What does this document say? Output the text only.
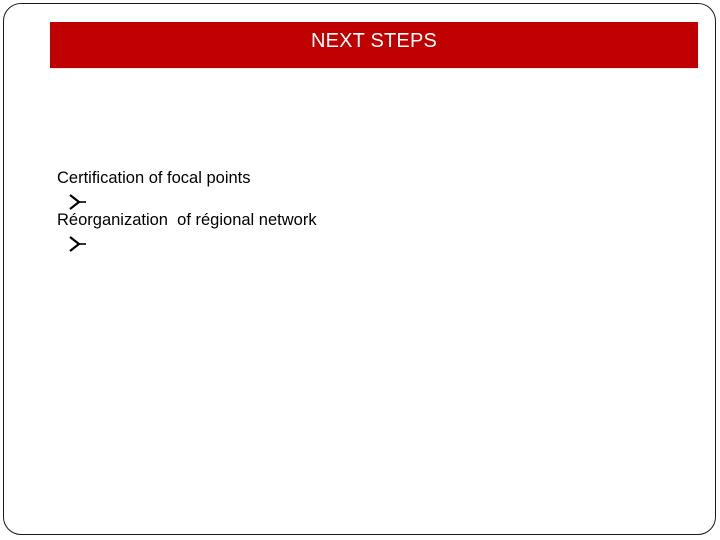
NEXT STEPS

Certification of focal points

Réorganization  of régional network
